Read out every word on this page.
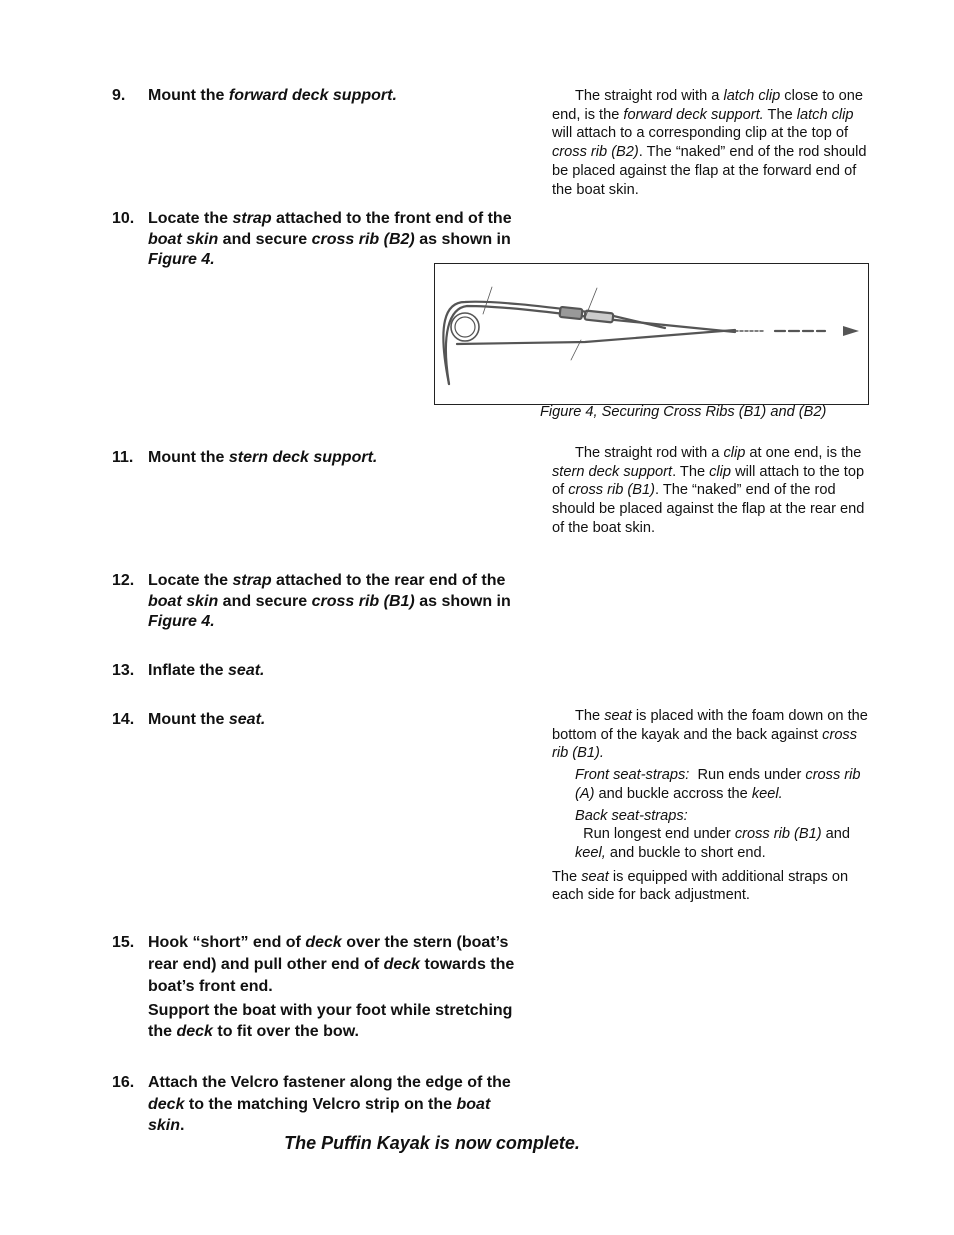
9.	Mount the forward deck support.	The straight rod with a latch clip close to one end, is the forward deck support. The latch clip will attach to a corresponding clip at the top of cross rib (B2). The “naked” end of the rod should be placed against the flap at the forward end of the boat skin.

10. Locate the strap attached to the front end of the boat skin and secure cross rib (B2) as shown in Figure 4.
Figure 4, Securing Cross Ribs (B1) and (B2)
11. Mount the stern deck support.	The straight rod with a clip at one end, is the stern deck support. The clip will attach to the top of cross rib (B1). The “naked” end of the rod should be placed against the flap at the rear end of the boat skin.

12. Locate the strap attached to the rear end of the boat skin and secure cross rib (B1) as shown in Figure 4.
13. Inflate the seat.
14. Mount the seat.	The seat is placed with the foam down on the bottom of the kayak and the back against cross rib (B1).

Front seat-straps:  Run ends under cross rib (A) and buckle accross the keel.

Back seat-straps:  Run longest end under cross rib (B1) and keel, and buckle to short end.

The seat is equipped with additional straps on each side for back adjustment.

15. Hook “short” end of deck over the stern (boat’s rear end) and pull other end of deck towards the boat’s front end.
Support the boat with your foot while stretching the deck to fit over the bow.
16. Attach the Velcro fastener along the edge of the deck to the matching Velcro strip on the boat skin.
The Puffin Kayak is now complete.
